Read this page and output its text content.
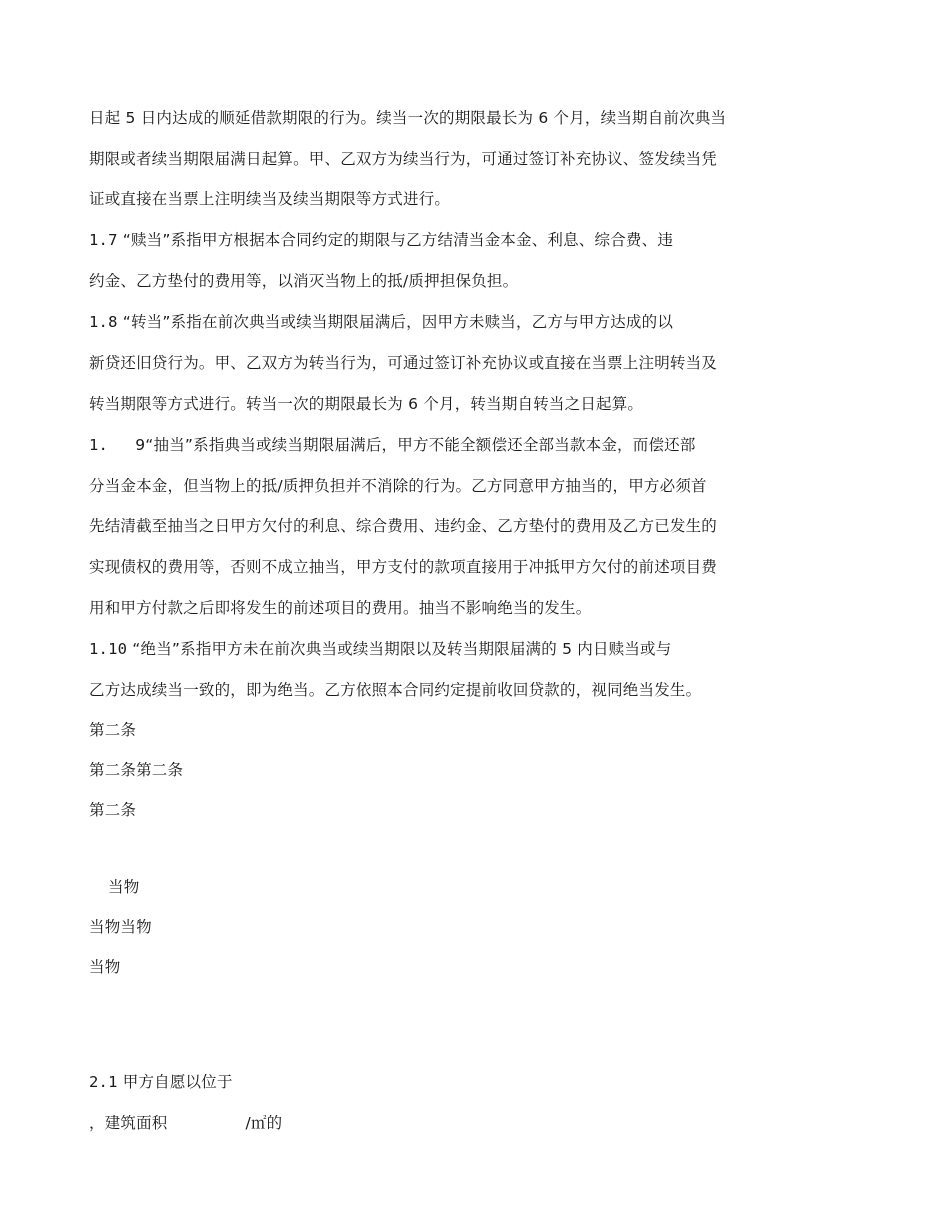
日起 5 日内达成的顺延借款期限的行为。续当一次的期限最长为 6 个月，续当期自前次典当
期限或者续当期限届满日起算。甲、乙双方为续当行为，可通过签订补充协议、签发续当凭
证或直接在当票上注明续当及续当期限等方式进行。
1.7 “赎当”系指甲方根据本合同约定的期限与乙方结清当金本金、利息、综合费、违
约金、乙方垫付的费用等，以消灭当物上的抵/质押担保负担。
1.8 “转当”系指在前次典当或续当期限届满后，因甲方未赎当，乙方与甲方达成的以
新贷还旧贷行为。甲、乙双方为转当行为，可通过签订补充协议或直接在当票上注明转当及
转当期限等方式进行。转当一次的期限最长为 6 个月，转当期自转当之日起算。
1. 9“抽当”系指典当或续当期限届满后，甲方不能全额偿还全部当款本金，而偿还部
分当金本金，但当物上的抵/质押负担并不消除的行为。乙方同意甲方抽当的，甲方必须首
先结清截至抽当之日甲方欠付的利息、综合费用、违约金、乙方垫付的费用及乙方已发生的
实现债权的费用等，否则不成立抽当，甲方支付的款项直接用于冲抵甲方欠付的前述项目费
用和甲方付款之后即将发生的前述项目的费用。抽当不影响绝当的发生。
1.10 “绝当”系指甲方未在前次典当或续当期限以及转当期限届满的 5 内日赎当或与
乙方达成续当一致的，即为绝当。乙方依照本合同约定提前收回贷款的，视同绝当发生。
第二条
第二条第二条
第二条
当物
当物当物
当物
2.1 甲方自愿以位于
，建筑面积	/㎡的
